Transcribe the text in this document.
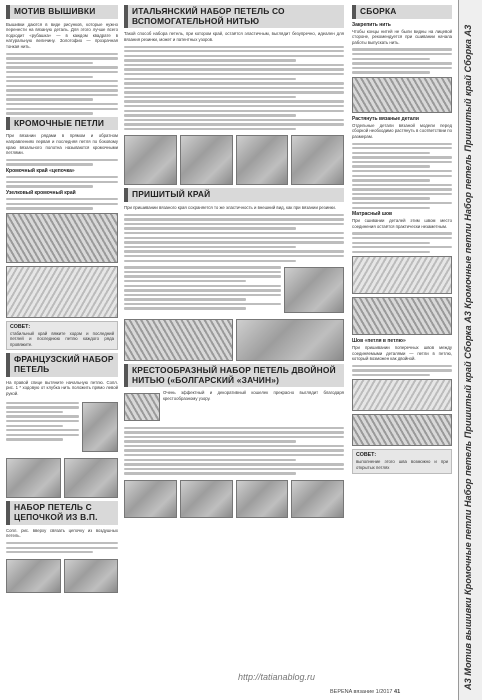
МОТИВ ВЫШИВКИ

Вышивки даются в виде рисунков, которые нужно перенести на вязаную деталь. Для этого лучше всего подходит «рубашка» — в каждом квадрате в натуральную величину. Золотофио — прозрачная тонкая нить.

КРОМОЧНЫЕ ПЕТЛИ

При вязании рядами в прямом и обратном направлениях первая и последняя петля по боковому краю вязального полотна называются кромочными петлями.

Кромочный край «цепочка»
Узелковый кромочный край
СОВЕТ:

стабильный край вяжите ходом и последний петлей и последнюю петлю каждого ряда провяжите.

ФРАНЦУЗСКИЙ НАБОР ПЕТЕЛЬ

На правой спице вытяните начальную петлю. Сопл. рис. 1 * ходовую от клубка нить положить прямо левой рукой.

НАБОР ПЕТЕЛЬ С ЦЕПОЧКОЙ ИЗ В.П.

Сопл. рис. вверху связать цепочку из воздушных петель.

ИТАЛЬЯНСКИЙ НАБОР ПЕТЕЛЬ СО ВСПОМОГАТЕЛЬНОЙ НИТЬЮ

Такой способ набора петель, при котором край, остаётся эластичным, выглядит безупречно, идеален для вязания резинки, может и патентных узоров.

ПРИШИТЫЙ КРАЙ

При пришивании вязаного края сохраняется то же эластичность и внешний вид, как при вязании резинки.

КРЕСТООБРАЗНЫЙ НАБОР ПЕТЕЛЬ ДВОЙНОЙ НИТЬЮ («БОЛГАРСКИЙ «ЗАЧИН»)

Очень эффектный и декоративный кошелек прекрасно выглядит благодаря крестообразному узору.

СБОРКА
Закрепить нить

Чтобы концы нитей не были видны на лицевой стороне, рекомендуется при сшивании начала работы выпускать нить.

Растянуть вязаные детали

Отдельные детали вязаной модели перед сборкой необходимо растянуть в соответствии по размерам.

Матрасный шов

При сшивании деталей этим швом место соединения остаётся практически незаметным.

Шов «петля в петлю»

При пришивании поперечных швов между соединяемыми деталями — петли в петлю, который возможен как двойной.

СОВЕТ:

выполнение этого шва возможно и при открытых петлях	А3 Мотив вышивки Кромочные петли Набор петель Пришитый край Сборка А3 Кромочные петли Набор петель Пришитый край Сборка А3
http://tatianablog.ru
ВЕРENA вязание 1/2017 41
